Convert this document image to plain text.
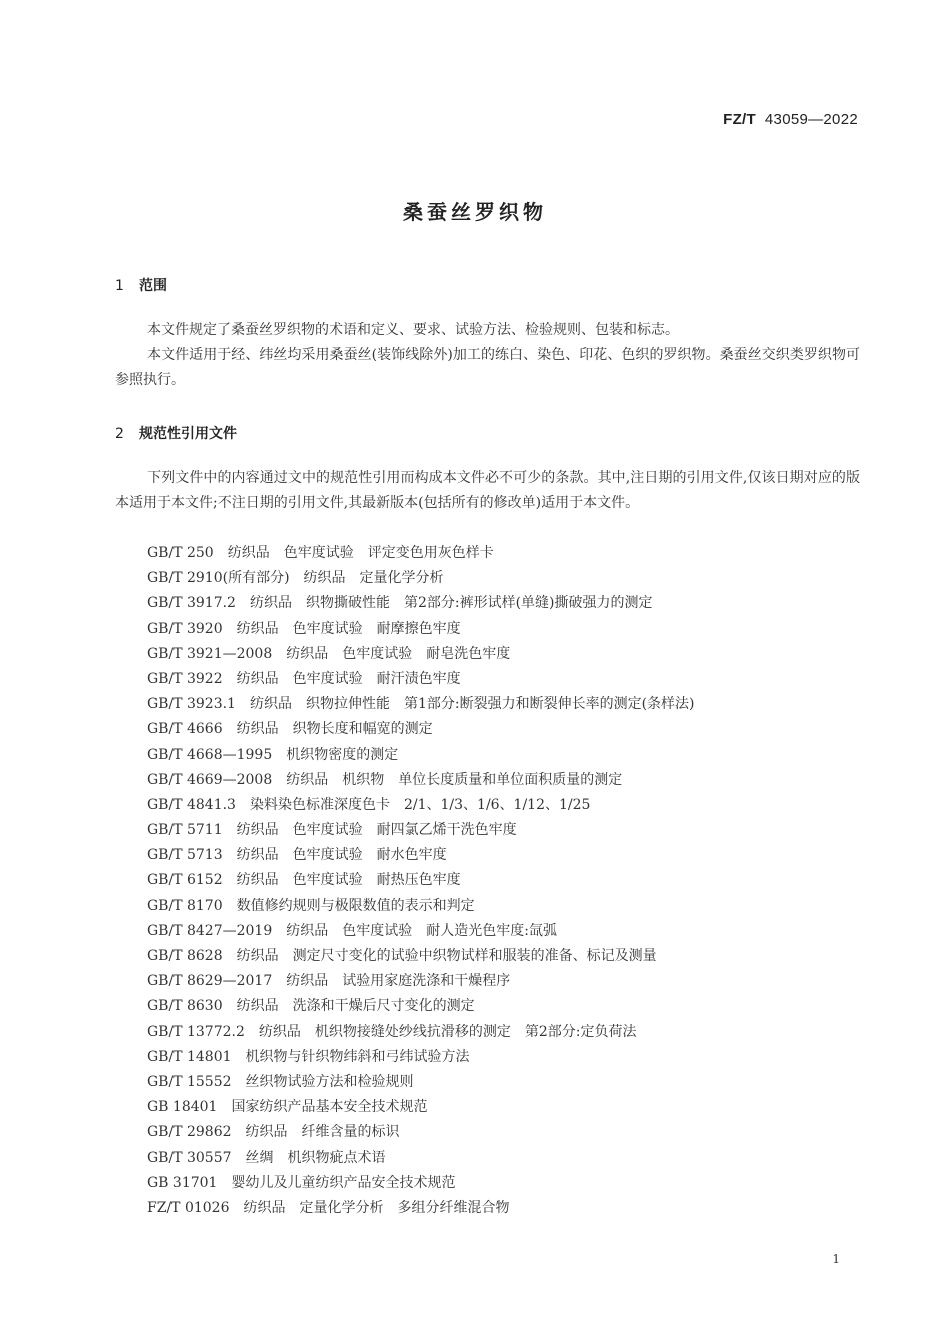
FZ/T 43059—2022
桑蚕丝罗织物
1 范围

本文件规定了桑蚕丝罗织物的术语和定义、要求、试验方法、检验规则、包装和标志。

本文件适用于经、纬丝均采用桑蚕丝(装饰线除外)加工的练白、染色、印花、色织的罗织物。桑蚕丝交织类罗织物可参照执行。

2 规范性引用文件

下列文件中的内容通过文中的规范性引用而构成本文件必不可少的条款。其中,注日期的引用文件,仅该日期对应的版本适用于本文件;不注日期的引用文件,其最新版本(包括所有的修改单)适用于本文件。

GB/T 250 纺织品　色牢度试验　评定变色用灰色样卡
GB/T 2910(所有部分) 纺织品　定量化学分析
GB/T 3917.2 纺织品　织物撕破性能　第2部分:裤形试样(单缝)撕破强力的测定
GB/T 3920 纺织品　色牢度试验　耐摩擦色牢度
GB/T 3921—2008 纺织品　色牢度试验　耐皂洗色牢度
GB/T 3922 纺织品　色牢度试验　耐汗渍色牢度
GB/T 3923.1 纺织品　织物拉伸性能　第1部分:断裂强力和断裂伸长率的测定(条样法)
GB/T 4666 纺织品　织物长度和幅宽的测定
GB/T 4668—1995 机织物密度的测定
GB/T 4669—2008 纺织品　机织物　单位长度质量和单位面积质量的测定
GB/T 4841.3 染料染色标准深度色卡　2/1、1/3、1/6、1/12、1/25
GB/T 5711 纺织品　色牢度试验　耐四氯乙烯干洗色牢度
GB/T 5713 纺织品　色牢度试验　耐水色牢度
GB/T 6152 纺织品　色牢度试验　耐热压色牢度
GB/T 8170 数值修约规则与极限数值的表示和判定
GB/T 8427—2019 纺织品　色牢度试验　耐人造光色牢度:氙弧
GB/T 8628 纺织品　测定尺寸变化的试验中织物试样和服装的准备、标记及测量
GB/T 8629—2017 纺织品　试验用家庭洗涤和干燥程序
GB/T 8630 纺织品　洗涤和干燥后尺寸变化的测定
GB/T 13772.2 纺织品　机织物接缝处纱线抗滑移的测定　第2部分:定负荷法
GB/T 14801 机织物与针织物纬斜和弓纬试验方法
GB/T 15552 丝织物试验方法和检验规则
GB 18401 国家纺织产品基本安全技术规范
GB/T 29862 纺织品　纤维含量的标识
GB/T 30557 丝绸　机织物疵点术语
GB 31701 婴幼儿及儿童纺织产品安全技术规范
FZ/T 01026 纺织品　定量化学分析　多组分纤维混合物
1
